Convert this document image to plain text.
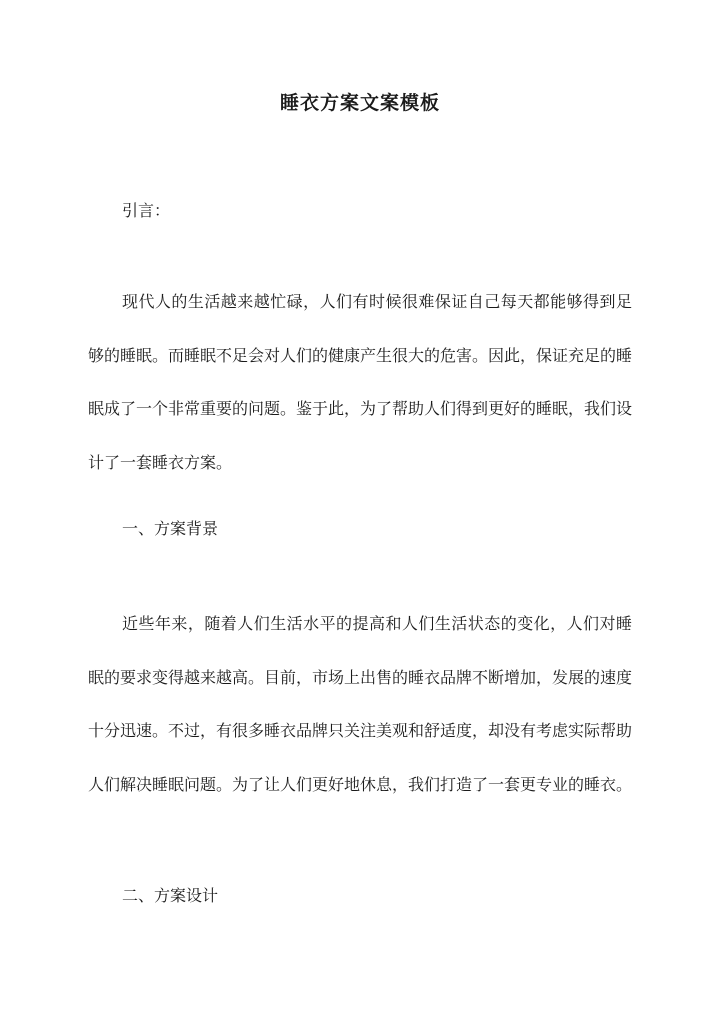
睡衣方案文案模板

引言：

现代人的生活越来越忙碌，人们有时候很难保证自己每天都能够得到足够的睡眠。而睡眠不足会对人们的健康产生很大的危害。因此，保证充足的睡眠成了一个非常重要的问题。鉴于此，为了帮助人们得到更好的睡眠，我们设计了一套睡衣方案。

一、方案背景

近些年来，随着人们生活水平的提高和人们生活状态的变化，人们对睡眠的要求变得越来越高。目前，市场上出售的睡衣品牌不断增加，发展的速度十分迅速。不过，有很多睡衣品牌只关注美观和舒适度，却没有考虑实际帮助人们解决睡眠问题。为了让人们更好地休息，我们打造了一套更专业的睡衣。

二、方案设计
